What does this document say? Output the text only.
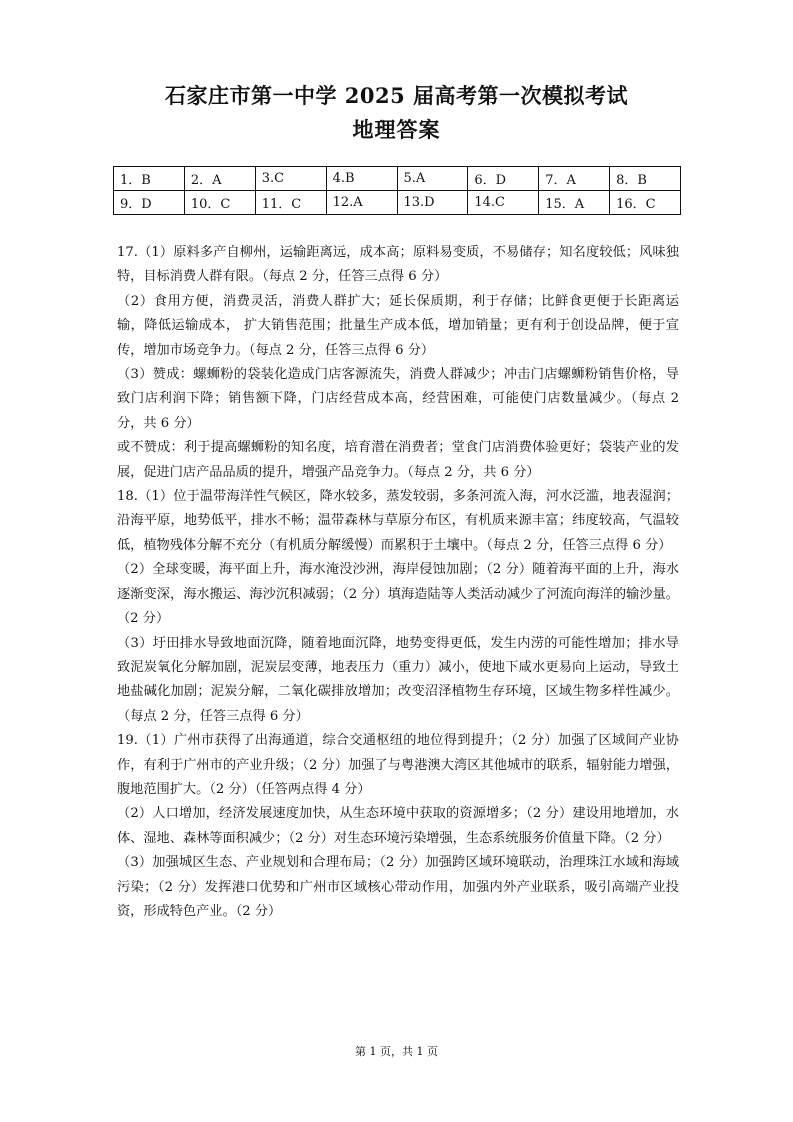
石家庄市第一中学 2025 届高考第一次模拟考试
地理答案
1．B	2．A	3.C	4.B	5.A	6．D	7．A	8．B
9．D	10．C	11．C	12.A	13.D	14.C	15．A	16．C

17.（1）原料多产自柳州，运输距离远，成本高；原料易变质，不易储存；知名度较低；风味独特，目标消费人群有限。（每点 2 分，任答三点得 6 分）

（2）食用方便，消费灵活，消费人群扩大；延长保质期，利于存储；比鲜食更便于长距离运输，降低运输成本， 扩大销售范围；批量生产成本低，增加销量；更有利于创设品牌，便于宣传，增加市场竞争力。（每点 2 分，任答三点得 6 分）

（3）赞成：螺蛳粉的袋装化造成门店客源流失，消费人群减少；冲击门店螺蛳粉销售价格，导致门店利润下降；销售额下降，门店经营成本高，经营困难，可能使门店数量减少。（每点 2 分，共 6 分）

或不赞成：利于提高螺蛳粉的知名度，培育潜在消费者；堂食门店消费体验更好；袋装产业的发展，促进门店产品品质的提升，增强产品竞争力。（每点 2 分，共 6 分）

18.（1）位于温带海洋性气候区，降水较多，蒸发较弱，多条河流入海，河水泛滥，地表湿润；沿海平原，地势低平，排水不畅；温带森林与草原分布区，有机质来源丰富；纬度较高，气温较低，植物残体分解不充分（有机质分解缓慢）而累积于土壤中。（每点 2 分，任答三点得 6 分）

（2）全球变暖，海平面上升，海水淹没沙洲，海岸侵蚀加剧；（2 分）随着海平面的上升，海水逐渐变深，海水搬运、海沙沉积减弱；（2 分）填海造陆等人类活动减少了河流向海洋的输沙量。（2 分）

（3）圩田排水导致地面沉降，随着地面沉降，地势变得更低，发生内涝的可能性增加；排水导致泥炭氧化分解加剧，泥炭层变薄，地表压力（重力）减小，使地下咸水更易向上运动，导致土地盐碱化加剧；泥炭分解，二氧化碳排放增加；改变沼泽植物生存环境，区域生物多样性减少。（每点 2 分，任答三点得 6 分）

19.（1）广州市获得了出海通道，综合交通枢纽的地位得到提升；（2 分）加强了区域间产业协作，有利于广州市的产业升级；（2 分）加强了与粤港澳大湾区其他城市的联系，辐射能力增强，腹地范围扩大。（2 分）（任答两点得 4 分）

（2）人口增加，经济发展速度加快，从生态环境中获取的资源增多；（2 分）建设用地增加，水体、湿地、森林等面积减少；（2 分）对生态环境污染增强，生态系统服务价值量下降。（2 分）

（3）加强城区生态、产业规划和合理布局；（2 分）加强跨区域环境联动，治理珠江水域和海域污染；（2 分）发挥港口优势和广州市区域核心带动作用，加强内外产业联系，吸引高端产业投资，形成特色产业。（2 分）

第 1 页，共 1 页
